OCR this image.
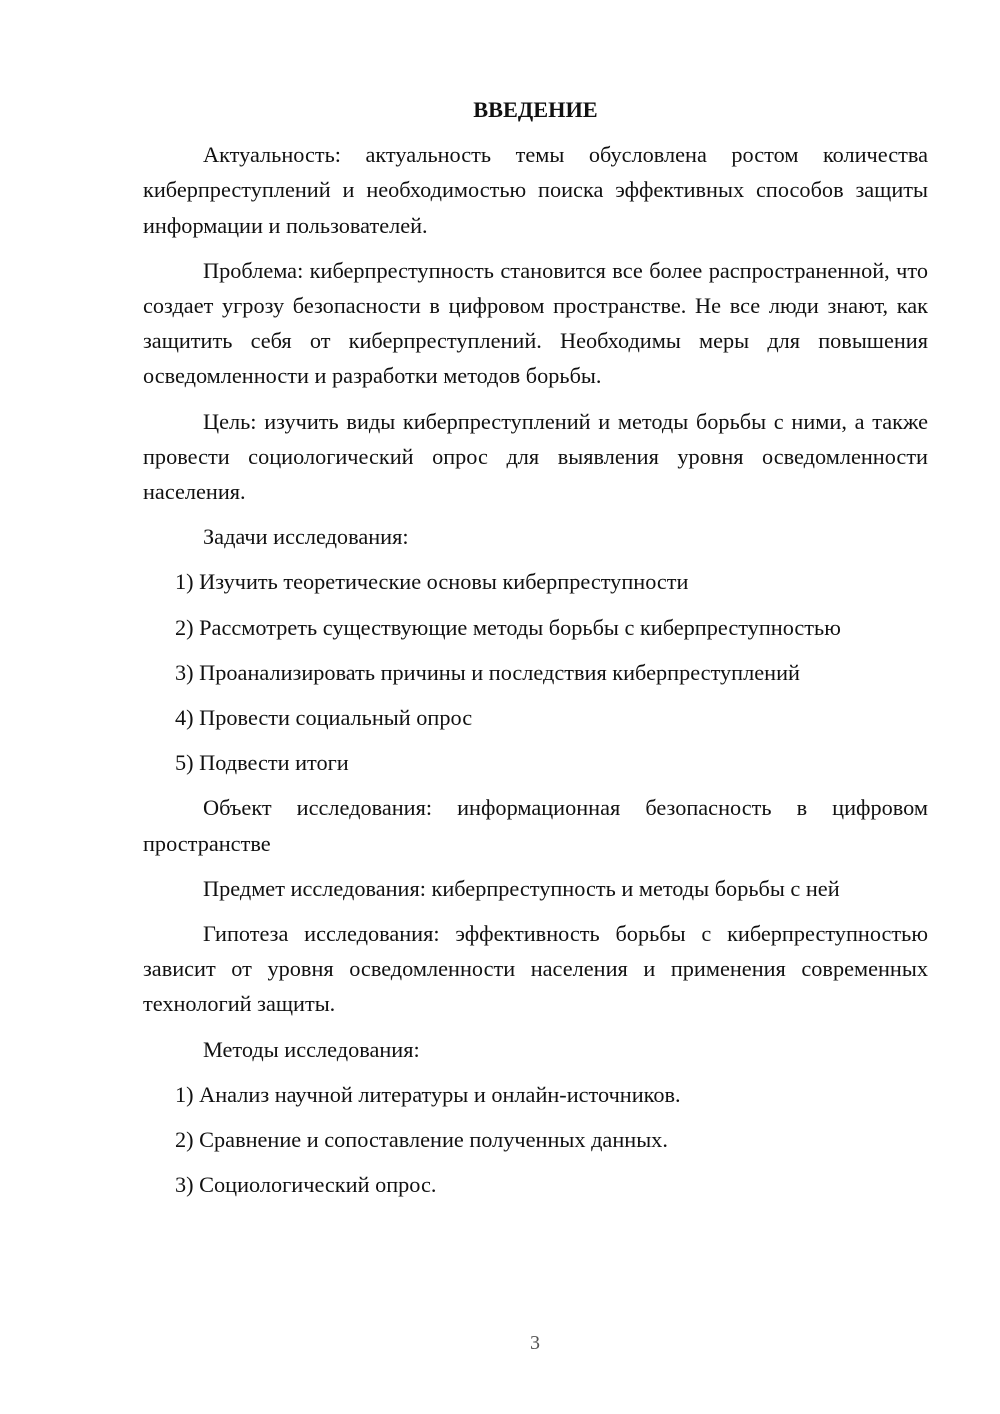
ВВЕДЕНИЕ
Актуальность: актуальность темы обусловлена ростом количества киберпреступлений и необходимостью поиска эффективных способов защиты информации и пользователей.
Проблема: киберпреступность становится все более распространенной, что создает угрозу безопасности в цифровом пространстве. Не все люди знают, как защитить себя от киберпреступлений. Необходимы меры для повышения осведомленности и разработки методов борьбы.
Цель: изучить виды киберпреступлений и методы борьбы с ними, а также провести социологический опрос для выявления уровня осведомленности населения.
Задачи исследования:
1) Изучить теоретические основы киберпреступности
2) Рассмотреть существующие методы борьбы с киберпреступностью
3) Проанализировать причины и последствия киберпреступлений
4) Провести социальный опрос
5) Подвести итоги
Объект исследования: информационная безопасность в цифровом пространстве
Предмет исследования: киберпреступность и методы борьбы с ней
Гипотеза исследования: эффективность борьбы с киберпреступностью зависит от уровня осведомленности населения и применения современных технологий защиты.
Методы исследования:
1) Анализ научной литературы и онлайн-источников.
2) Сравнение и сопоставление полученных данных.
3) Социологический опрос.
3
